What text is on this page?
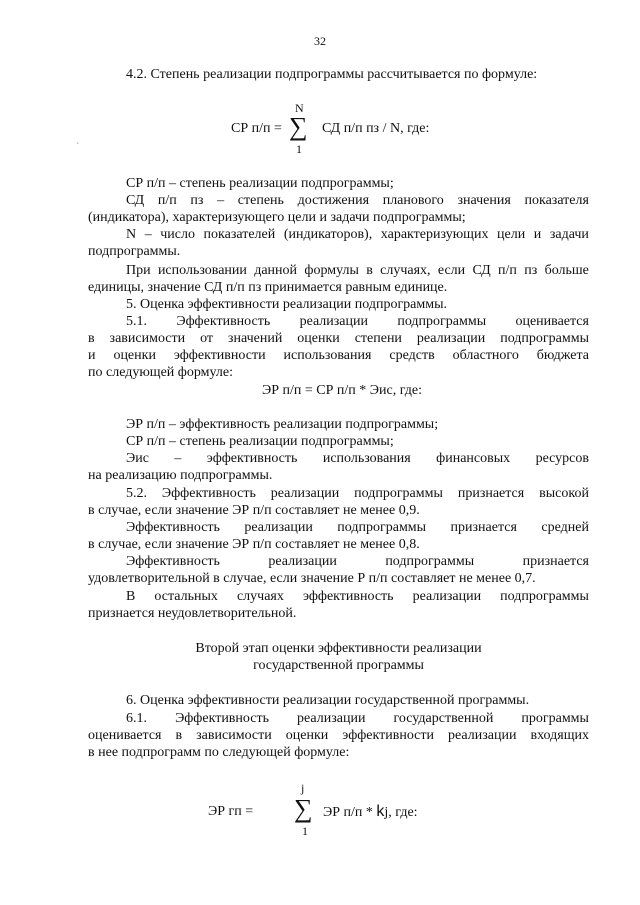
32
4.2. Степень реализации подпрограммы рассчитывается по формуле:
N
СР п/п = ∑ СД п/п пз / N, где:
1
`
СР п/п – степень реализации подпрограммы;
СД п/п пз – степень достижения планового значения показателя
(индикатора), характеризующего цели и задачи подпрограммы;
N – число показателей (индикаторов), характеризующих цели и задачи
подпрограммы.
При использовании данной формулы в случаях, если СД п/п пз больше
единицы, значение СД п/п пз принимается равным единице.
5. Оценка эффективности реализации подпрограммы.
5.1. Эффективность реализации подпрограммы оценивается
в зависимости от значений оценки степени реализации подпрограммы
и оценки эффективности использования средств областного бюджета
по следующей формуле:
ЭР п/п = СР п/п * Эис, где:
ЭР п/п – эффективность реализации подпрограммы;
СР п/п – степень реализации подпрограммы;
Эис – эффективность использования финансовых ресурсов
на реализацию подпрограммы.
5.2. Эффективность реализации подпрограммы признается высокой
в случае, если значение ЭР п/п составляет не менее 0,9.
Эффективность реализации подпрограммы признается средней
в случае, если значение ЭР п/п составляет не менее 0,8.
Эффективность	реализации	подпрограммы	признается
удовлетворительной в случае, если значение Р п/п составляет не менее 0,7.
В остальных случаях эффективность реализации подпрограммы
признается неудовлетворительной.
Второй этап оценки эффективности реализации
государственной программы
6. Оценка эффективности реализации государственной программы.
6.1. Эффективность реализации государственной программы
оценивается в зависимости оценки эффективности реализации входящих
в нее подпрограмм по следующей формуле:
j
ЭР гп = ∑ ЭР п/п * kj, где:
1
